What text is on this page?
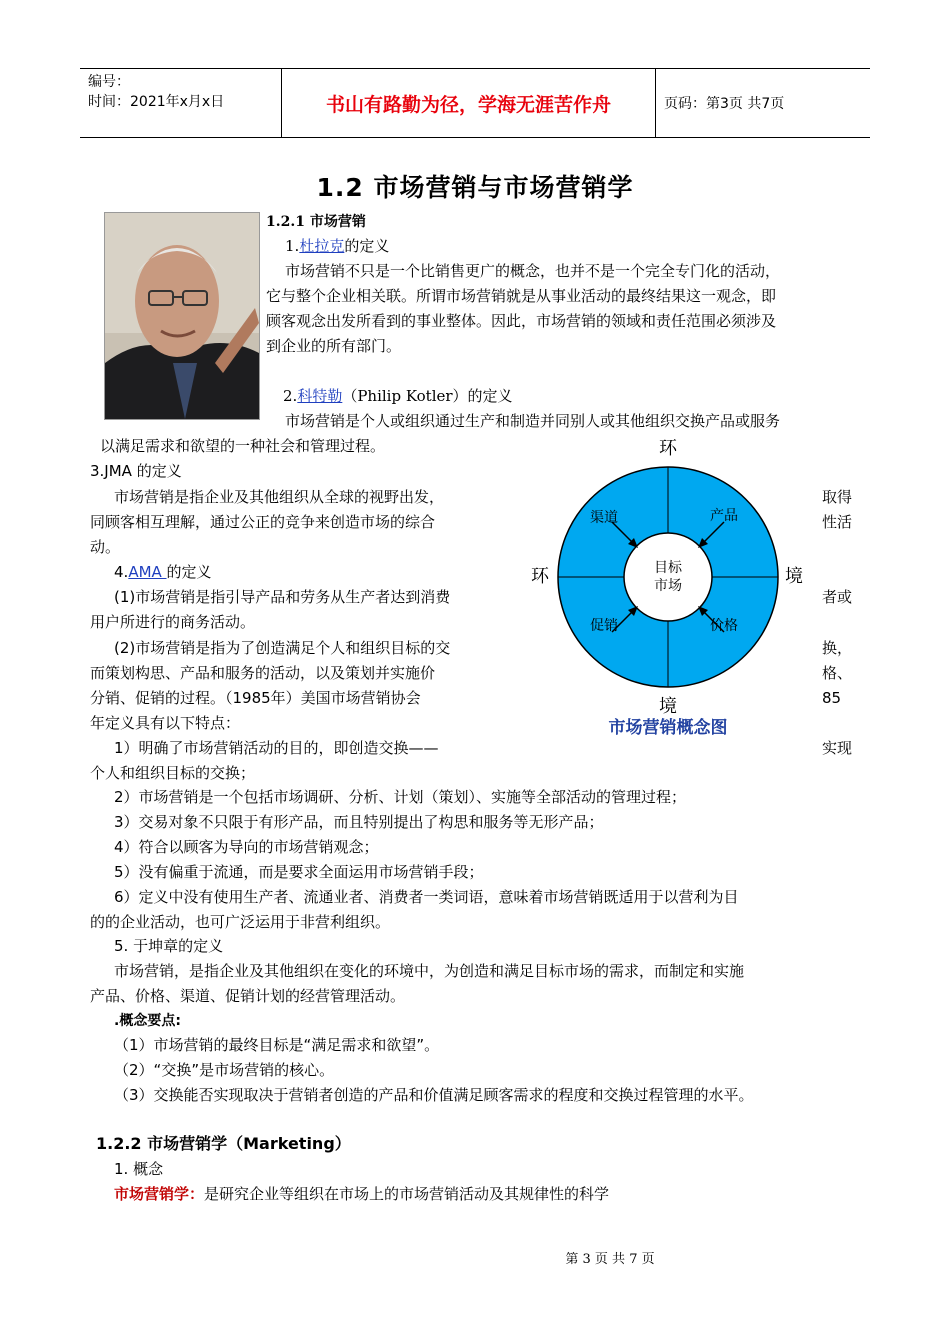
编号：
时间：2021年x月x日	书山有路勤为径，学海无涯苦作舟	页码：第3页 共7页
1.2 市场营销与市场营销学
1.2.1 市场营销
1.杜拉克的定义
市场营销不只是一个比销售更广的概念，也并不是一个完全专门化的活动，
它与整个企业相关联。所谓市场营销就是从事业活动的最终结果这一观念，即
顾客观念出发所看到的事业整体。因此，市场营销的领域和责任范围必须涉及
到企业的所有部门。
2.科特勒（Philip Kotler）的定义
市场营销是个人或组织通过生产和制造并同别人或其他组织交换产品或服务
以满足需求和欲望的一种社会和管理过程。
3.JMA 的定义
市场营销是指企业及其他组织从全球的视野出发，
同顾客相互理解，通过公正的竞争来创造市场的综合
动。
取得
性活
4.AMA 的定义
(1)市场营销是指引导产品和劳务从生产者达到消费
用户所进行的商务活动。
(2)市场营销是指为了创造满足个人和组织目标的交
而策划构思、产品和服务的活动，以及策划并实施价
分销、促销的过程。（1985年）美国市场营销协会
年定义具有以下特点：
1）明确了市场营销活动的目的，即创造交换——
个人和组织目标的交换；
者或
换，
格、
85
实现
环
环	境
境
渠道	产品
促销	价格
目标
市场
市场营销概念图
2）市场营销是一个包括市场调研、分析、计划（策划）、实施等全部活动的管理过程；
3）交易对象不只限于有形产品，而且特别提出了构思和服务等无形产品；
4）符合以顾客为导向的市场营销观念；
5）没有偏重于流通，而是要求全面运用市场营销手段；
6）定义中没有使用生产者、流通业者、消费者一类词语，意味着市场营销既适用于以营利为目
的的企业活动，也可广泛运用于非营利组织。
5. 于坤章的定义
市场营销，是指企业及其他组织在变化的环境中，为创造和满足目标市场的需求，而制定和实施
产品、价格、渠道、促销计划的经营管理活动。
.概念要点:
（1）市场营销的最终目标是“满足需求和欲望”。
（2）“交换”是市场营销的核心。
（3）交换能否实现取决于营销者创造的产品和价值满足顾客需求的程度和交换过程管理的水平。
1.2.2 市场营销学（Marketing）
1. 概念
市场营销学：是研究企业等组织在市场上的市场营销活动及其规律性的科学
第 3 页 共 7 页
